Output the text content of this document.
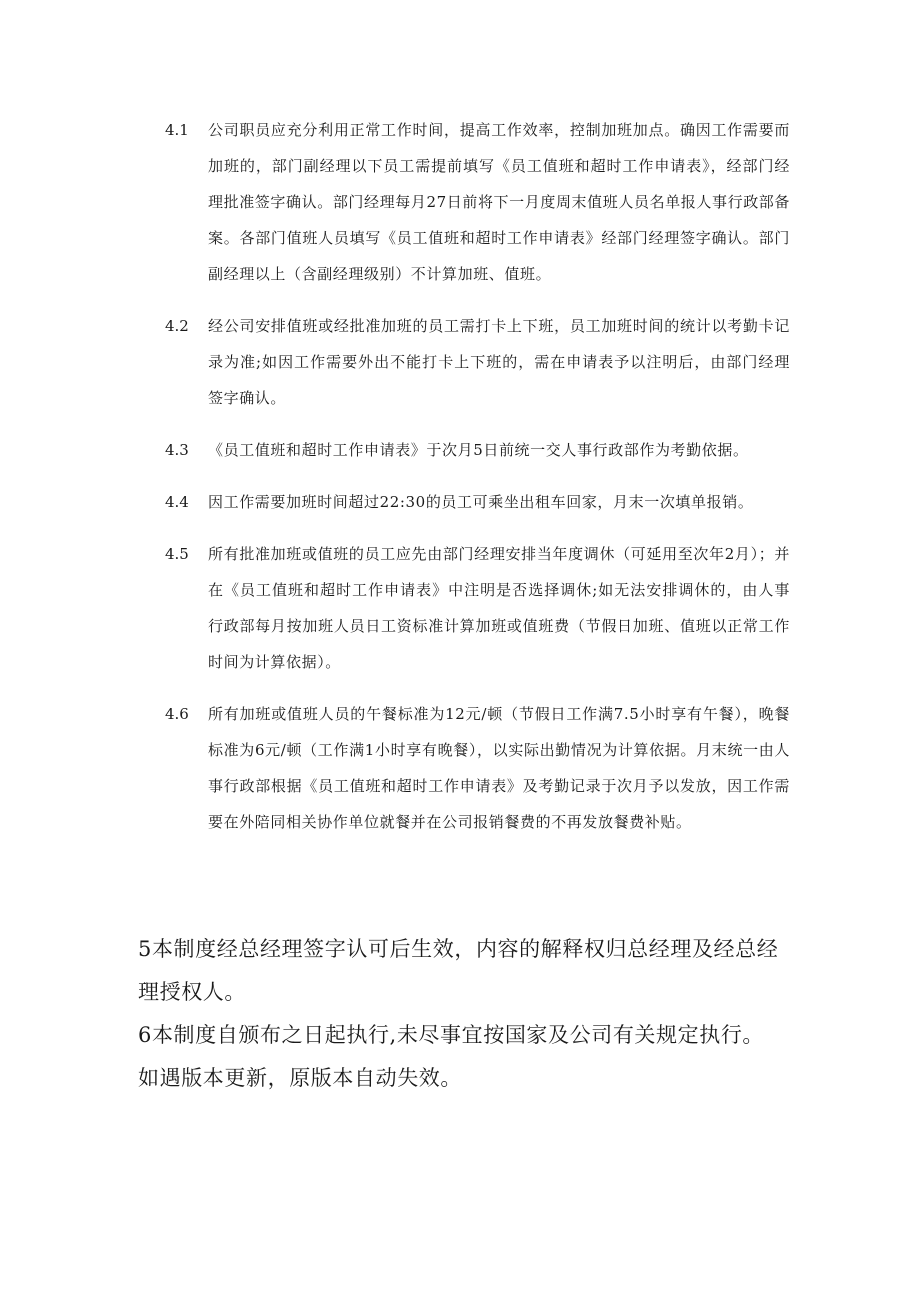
4.1	公司职员应充分利用正常工作时间，提高工作效率，控制加班加点。确因工作需要而加班的，部门副经理以下员工需提前填写《员工值班和超时工作申请表》，经部门经理批准签字确认。部门经理每月27日前将下一月度周末值班人员名单报人事行政部备案。各部门值班人员填写《员工值班和超时工作申请表》经部门经理签字确认。部门副经理以上（含副经理级别）不计算加班、值班。
4.2	经公司安排值班或经批准加班的员工需打卡上下班，员工加班时间的统计以考勤卡记录为准;如因工作需要外出不能打卡上下班的，需在申请表予以注明后，由部门经理签字确认。
4.3	《员工值班和超时工作申请表》于次月5日前统一交人事行政部作为考勤依据。
4.4	因工作需要加班时间超过22:30的员工可乘坐出租车回家，月末一次填单报销。
4.5	所有批准加班或值班的员工应先由部门经理安排当年度调休（可延用至次年2月）；并在《员工值班和超时工作申请表》中注明是否选择调休;如无法安排调休的，由人事行政部每月按加班人员日工资标准计算加班或值班费（节假日加班、值班以正常工作时间为计算依据）。
4.6	所有加班或值班人员的午餐标准为12元/顿（节假日工作满7.5小时享有午餐），晚餐标准为6元/顿（工作满1小时享有晚餐），以实际出勤情况为计算依据。月末统一由人事行政部根据《员工值班和超时工作申请表》及考勤记录于次月予以发放，因工作需要在外陪同相关协作单位就餐并在公司报销餐费的不再发放餐费补贴。

5本制度经总经理签字认可后生效，内容的解释权归总经理及经总经理授权人。

6本制度自颁布之日起执行,未尽事宜按国家及公司有关规定执行。

如遇版本更新，原版本自动失效。
